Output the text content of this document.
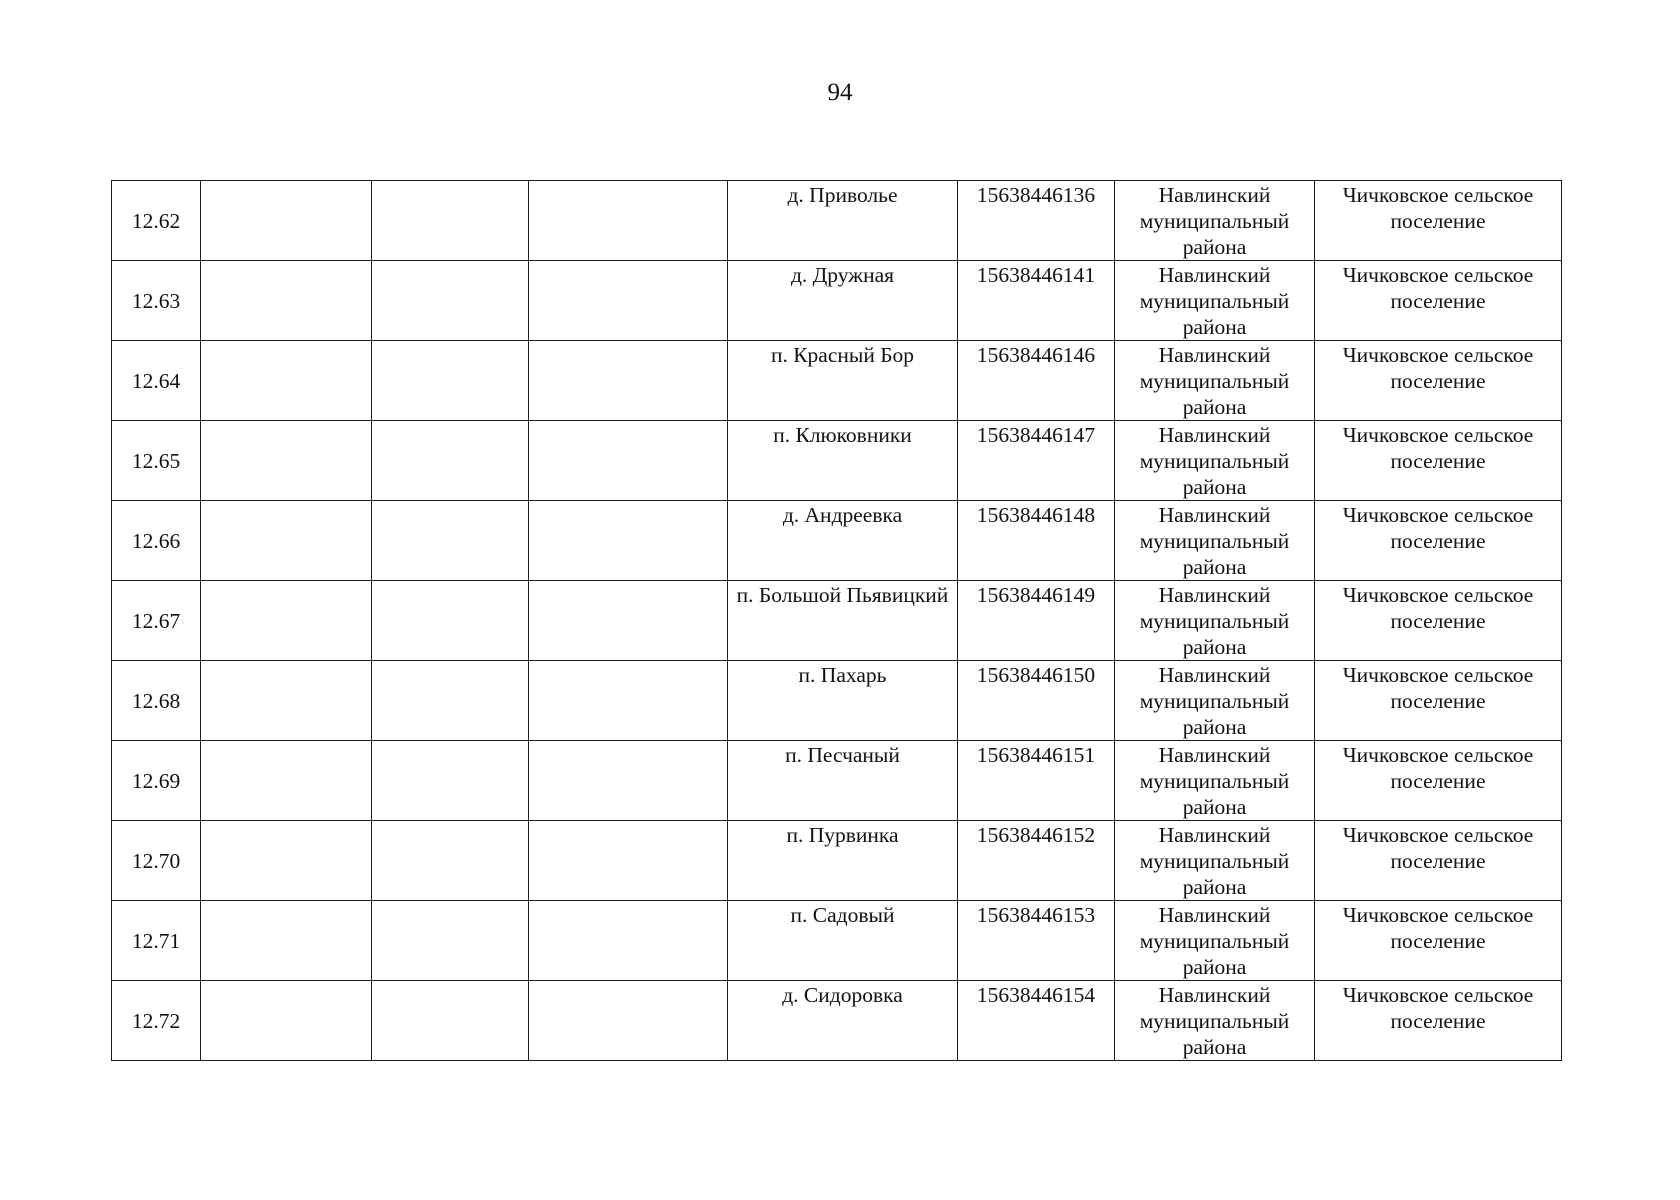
94
12.62				д. Приволье	15638446136	Навлинский муниципальный района	Чичковское сельское поселение

12.63				д. Дружная	15638446141	Навлинский муниципальный района	Чичковское сельское поселение

12.64				п. Красный Бор	15638446146	Навлинский муниципальный района	Чичковское сельское поселение

12.65				п. Клюковники	15638446147	Навлинский муниципальный района	Чичковское сельское поселение

12.66				д. Андреевка	15638446148	Навлинский муниципальный района	Чичковское сельское поселение

12.67				п. Большой Пьявицкий	15638446149	Навлинский муниципальный района	Чичковское сельское поселение

12.68				п. Пахарь	15638446150	Навлинский муниципальный района	Чичковское сельское поселение

12.69				п. Песчаный	15638446151	Навлинский муниципальный района	Чичковское сельское поселение

12.70				п. Пурвинка	15638446152	Навлинский муниципальный района	Чичковское сельское поселение

12.71				п. Садовый	15638446153	Навлинский муниципальный района	Чичковское сельское поселение

12.72				д. Сидоровка	15638446154	Навлинский муниципальный района	Чичковское сельское поселение
